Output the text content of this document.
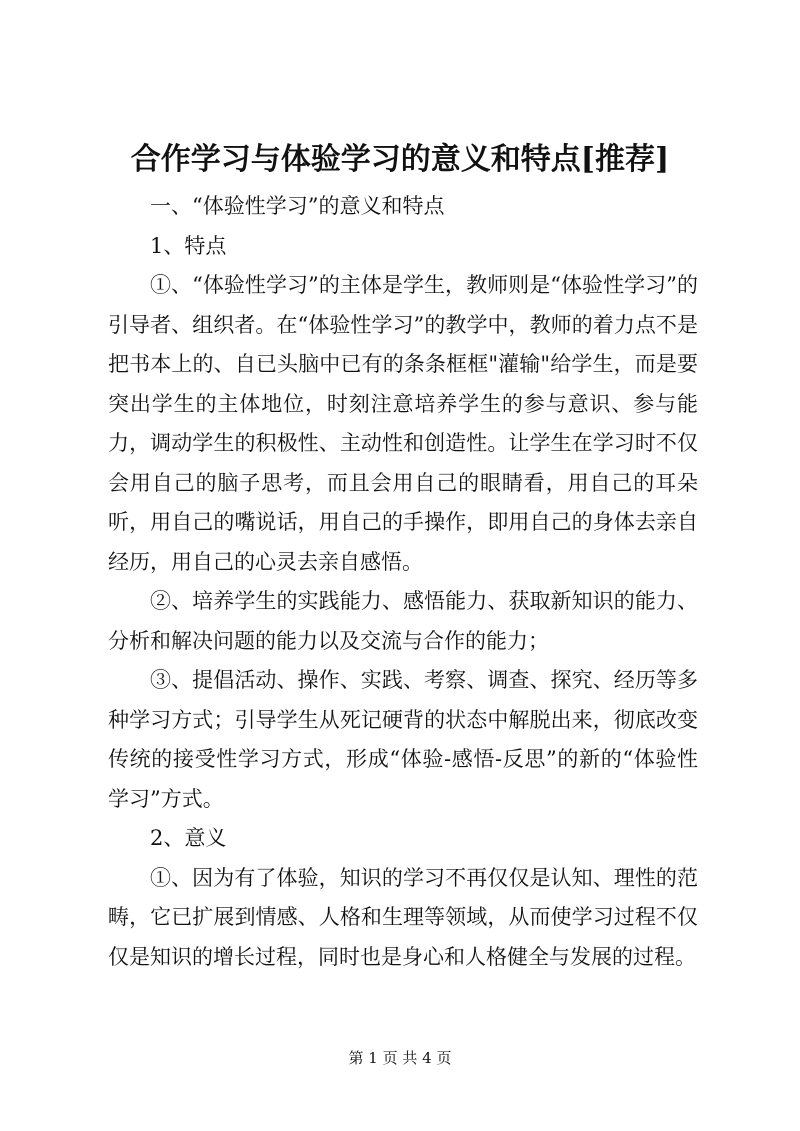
合作学习与体验学习的意义和特点[推荐]

一、“体验性学习”的意义和特点

1、特点

①、“体验性学习”的主体是学生，教师则是“体验性学习”的引导者、组织者。在“体验性学习”的教学中，教师的着力点不是把书本上的、自已头脑中已有的条条框框"灌输"给学生，而是要突出学生的主体地位，时刻注意培养学生的参与意识、参与能力，调动学生的积极性、主动性和创造性。让学生在学习时不仅会用自己的脑子思考，而且会用自己的眼睛看，用自己的耳朵听，用自己的嘴说话，用自己的手操作，即用自己的身体去亲自经历，用自己的心灵去亲自感悟。

②、培养学生的实践能力、感悟能力、获取新知识的能力、分析和解决问题的能力以及交流与合作的能力；

③、提倡活动、操作、实践、考察、调查、探究、经历等多种学习方式；引导学生从死记硬背的状态中解脱出来，彻底改变传统的接受性学习方式，形成“体验-感悟-反思”的新的“体验性学习”方式。

2、意义

①、因为有了体验，知识的学习不再仅仅是认知、理性的范畴，它已扩展到情感、人格和生理等领域，从而使学习过程不仅仅是知识的增长过程，同时也是身心和人格健全与发展的过程。

第 1 页 共 4 页
